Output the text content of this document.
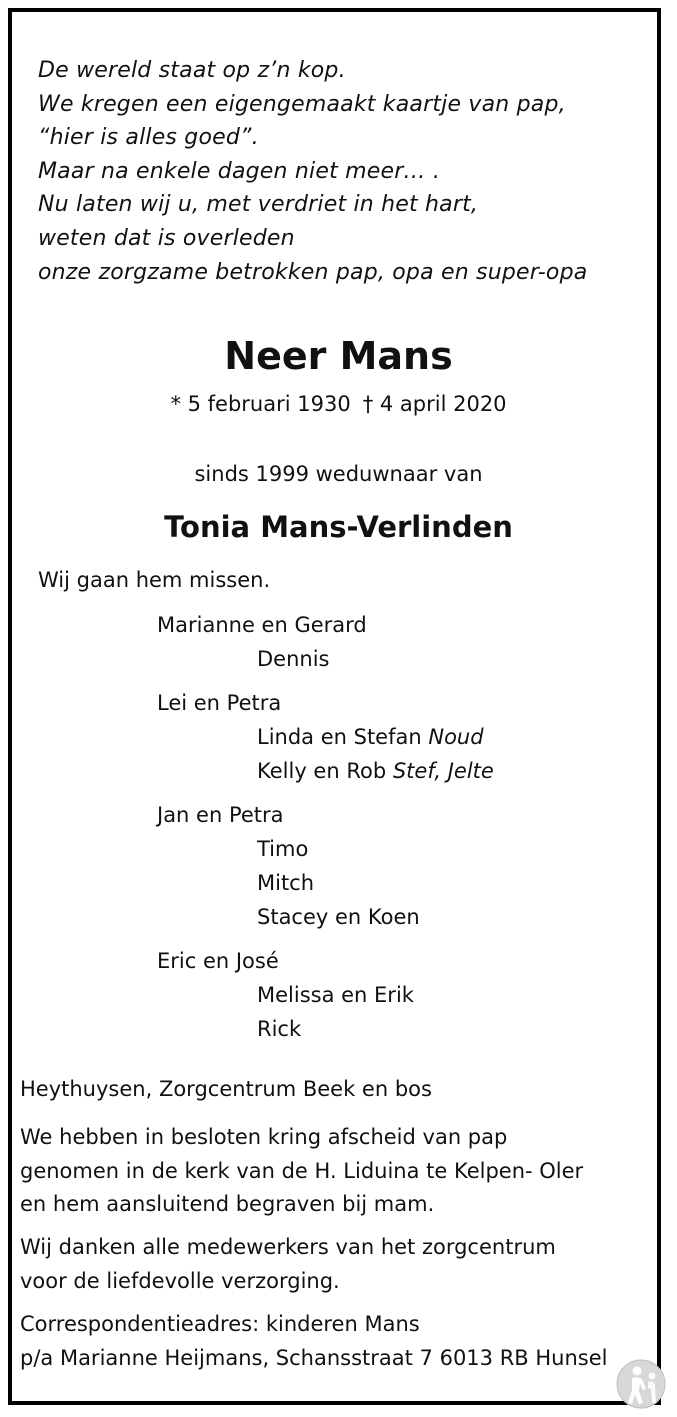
De wereld staat op z’n kop.
We kregen een eigengemaakt kaartje van pap,
“hier is alles goed”.
Maar na enkele dagen niet meer… .
Nu laten wij u, met verdriet in het hart,
weten dat is overleden
onze zorgzame betrokken pap, opa en super-opa
Neer Mans
* 5 februari 1930 † 4 april 2020
sinds 1999 weduwnaar van
Tonia Mans-Verlinden
Wij gaan hem missen.
Marianne en Gerard
Dennis
Lei en Petra
Linda en Stefan Noud
Kelly en Rob Stef, Jelte
Jan en Petra
Timo
Mitch
Stacey en Koen
Eric en José
Melissa en Erik
Rick
Heythuysen, Zorgcentrum Beek en bos
We hebben in besloten kring afscheid van pap
genomen in de kerk van de H. Liduina te Kelpen- Oler
en hem aansluitend begraven bij mam.
Wij danken alle medewerkers van het zorgcentrum
voor de liefdevolle verzorging.
Correspondentieadres: kinderen Mans
p/a Marianne Heijmans, Schansstraat 7 6013 RB Hunsel
